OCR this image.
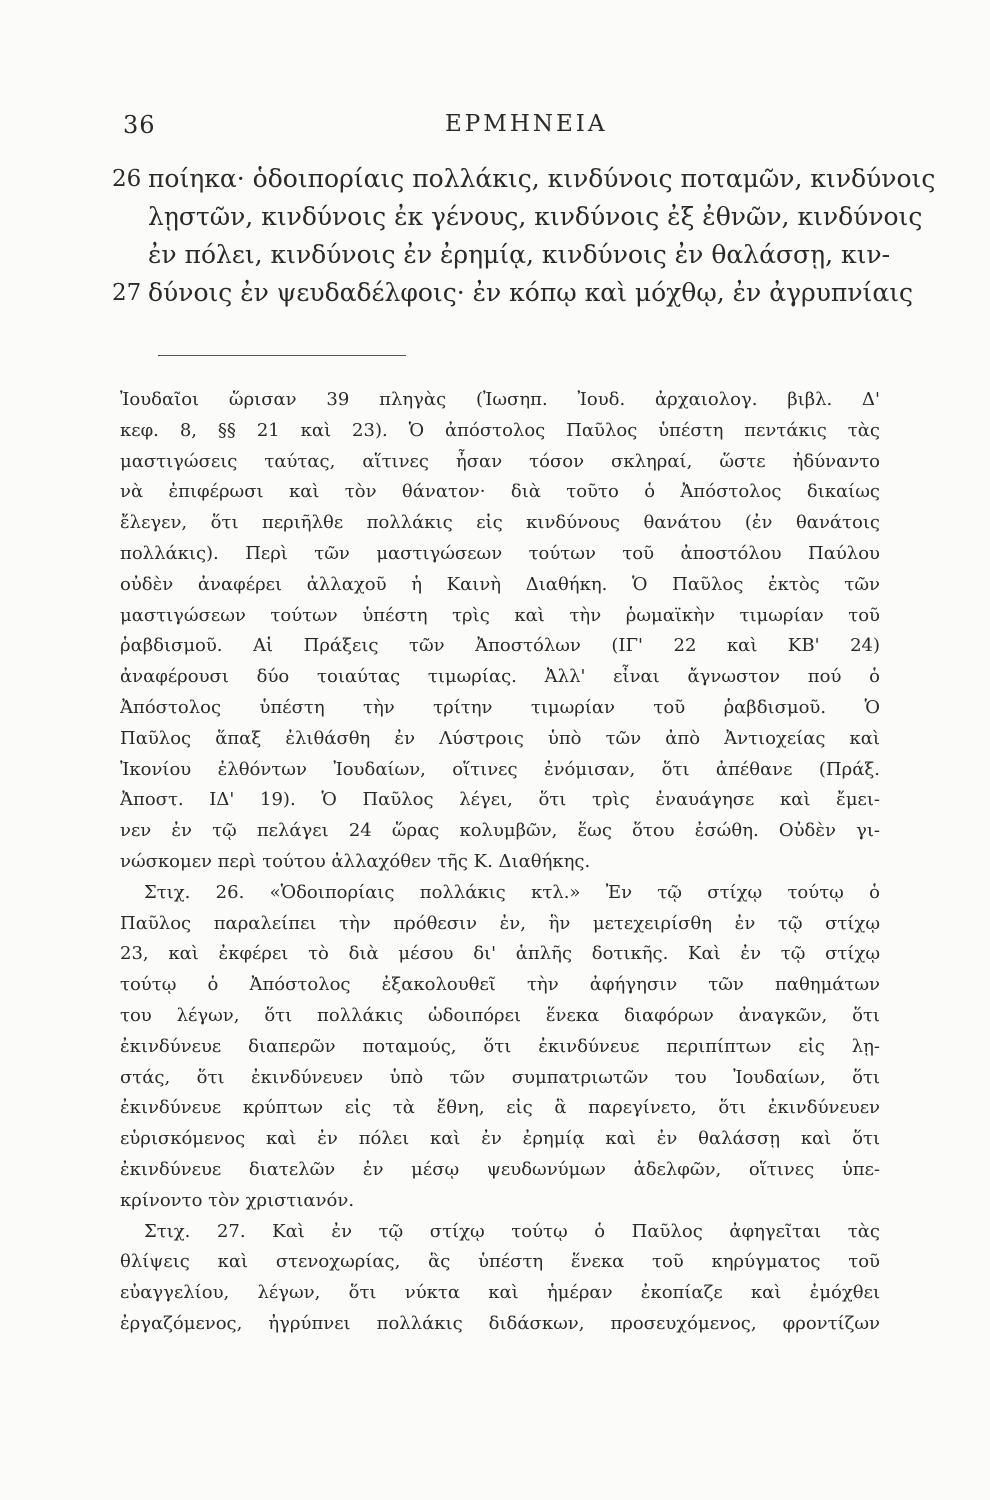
36	ΕΡΜΗΝΕΙΑ
26 ποίηκα· ὁδοιπορίαις πολλάκις, κινδύνοις ποταμῶν, κινδύνοις
λῃστῶν, κινδύνοις ἐκ γένους, κινδύνοις ἐξ ἐθνῶν, κινδύνοις
ἐν πόλει, κινδύνοις ἐν ἐρημίᾳ, κινδύνοις ἐν θαλάσσῃ, κιν-
27 δύνοις ἐν ψευδαδέλφοις· ἐν κόπῳ καὶ μόχθῳ, ἐν ἀγρυπνίαις

Ἰουδαῖοι ὥρισαν 39 πληγὰς (Ἰωσηπ. Ἰουδ. ἀρχαιολογ. βιβλ. Δ'

κεφ. 8, §§ 21 καὶ 23). Ὁ ἀπόστολος Παῦλος ὑπέστη πεντάκις τὰς

μαστιγώσεις ταύτας, αἵτινες ἦσαν τόσον σκληραί, ὥστε ἠδύναντο

νὰ ἐπιφέρωσι καὶ τὸν θάνατον· διὰ τοῦτο ὁ Ἀπόστολος δικαίως

ἔλεγεν, ὅτι περιῆλθε πολλάκις εἰς κινδύνους θανάτου (ἐν θανάτοις

πολλάκις). Περὶ τῶν μαστιγώσεων τούτων τοῦ ἀποστόλου Παύλου

οὐδὲν ἀναφέρει ἀλλαχοῦ ἡ Καινὴ Διαθήκη. Ὁ Παῦλος ἐκτὸς τῶν

μαστιγώσεων τούτων ὑπέστη τρὶς καὶ τὴν ῥωμαϊκὴν τιμωρίαν τοῦ

ῥαβδισμοῦ. Αἱ Πράξεις τῶν Ἀποστόλων (ΙΓ' 22 καὶ ΚΒ' 24)

ἀναφέρουσι δύο τοιαύτας τιμωρίας. Ἀλλ' εἶναι ἄγνωστον πού ὁ

Ἀπόστολος ὑπέστη τὴν τρίτην τιμωρίαν τοῦ ῥαβδισμοῦ. Ὁ

Παῦλος ἅπαξ ἐλιθάσθη ἐν Λύστροις ὑπὸ τῶν ἀπὸ Ἀντιοχείας καὶ

Ἰκονίου ἐλθόντων Ἰουδαίων, οἵτινες ἐνόμισαν, ὅτι ἀπέθανε (Πράξ.

Ἀποστ. ΙΔ' 19). Ὁ Παῦλος λέγει, ὅτι τρὶς ἐναυάγησε καὶ ἔμει-

νεν ἐν τῷ πελάγει 24 ὥρας κολυμβῶν, ἕως ὅτου ἐσώθη. Οὐδὲν γι-

νώσκομεν περὶ τούτου ἀλλαχόθεν τῆς Κ. Διαθήκης.

Στιχ. 26. «Ὁδοιπορίαις πολλάκις κτλ.» Ἐν τῷ στίχῳ τούτῳ ὁ

Παῦλος παραλείπει τὴν πρόθεσιν ἐν, ἣν μετεχειρίσθη ἐν τῷ στίχῳ

23, καὶ ἐκφέρει τὸ διὰ μέσου δι' ἁπλῆς δοτικῆς. Καὶ ἐν τῷ στίχῳ

τούτῳ ὁ Ἀπόστολος ἐξακολουθεῖ τὴν ἀφήγησιν τῶν παθημάτων

του λέγων, ὅτι πολλάκις ὡδοιπόρει ἕνεκα διαφόρων ἀναγκῶν, ὅτι

ἐκινδύνευε διαπερῶν ποταμούς, ὅτι ἐκινδύνευε περιπίπτων εἰς λῃ-

στάς, ὅτι ἐκινδύνευεν ὑπὸ τῶν συμπατριωτῶν του Ἰουδαίων, ὅτι

ἐκινδύνευε κρύπτων εἰς τὰ ἔθνη, εἰς ἃ παρεγίνετο, ὅτι ἐκινδύνευεν

εὑρισκόμενος καὶ ἐν πόλει καὶ ἐν ἐρημίᾳ καὶ ἐν θαλάσσῃ καὶ ὅτι

ἐκινδύνευε διατελῶν ἐν μέσῳ ψευδωνύμων ἀδελφῶν, οἵτινες ὑπε-

κρίνοντο τὸν χριστιανόν.

Στιχ. 27. Καὶ ἐν τῷ στίχῳ τούτῳ ὁ Παῦλος ἀφηγεῖται τὰς

θλίψεις καὶ στενοχωρίας, ἃς ὑπέστη ἕνεκα τοῦ κηρύγματος τοῦ

εὐαγγελίου, λέγων, ὅτι νύκτα καὶ ἡμέραν ἐκοπίαζε καὶ ἐμόχθει

ἐργαζόμενος, ἠγρύπνει πολλάκις διδάσκων, προσευχόμενος, φροντίζων
